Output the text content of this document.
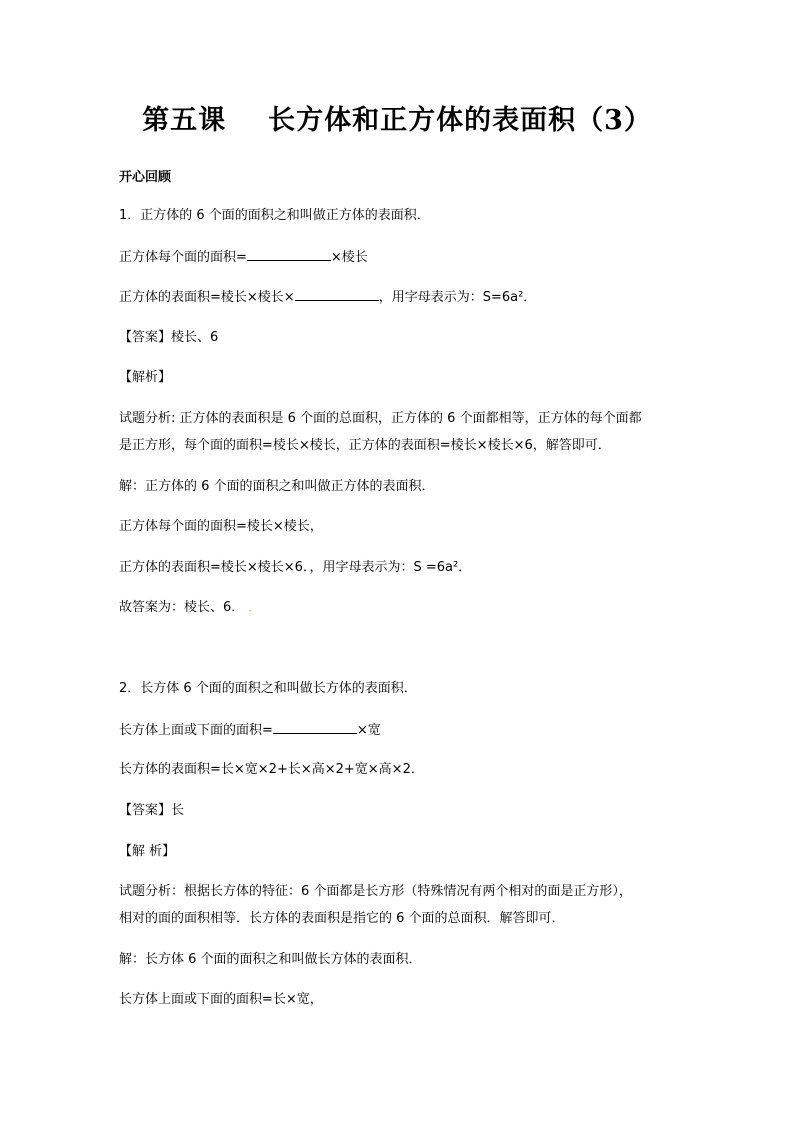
第五课 长方体和正方体的表面积（3）
开心回顾
1．正方体的 6 个面的面积之和叫做正方体的表面积．
正方体每个面的面积=	×棱长
正方体的表面积=棱长×棱长×	，用字母表示为：S=6a²．
【答案】棱长、6
【解析】
试题分析: 正方体的表面积是 6 个面的总面积，正方体的 6 个面都相等，正方体的每个面都
是正方形，每个面的面积=棱长×棱长，正方体的表面积=棱长×棱长×6，解答即可．
解：正方体的 6 个面的面积之和叫做正方体的表面积．
正方体每个面的面积=棱长×棱长，
正方体的表面积=棱长×棱长×6．，用字母表示为：S =6a²．
故答案为：棱长、6． ．
2．长方体 6 个面的面积之和叫做长方体的表面积．
长方体上面或下面的面积=	×宽
长方体的表面积=长×宽×2+长×高×2+宽×高×2．
【答案】长
【解 析】
试题分析：根据长方体的特征：6 个面都是长方形（特殊情况有两个相对的面是正方形），
相对的面的面积相等．长方体的表面积是指它的 6 个面的总面积．解答即可．
解：长方体 6 个面的面积之和叫做长方体的表面积．
长方体上面或下面的面积=长×宽，
